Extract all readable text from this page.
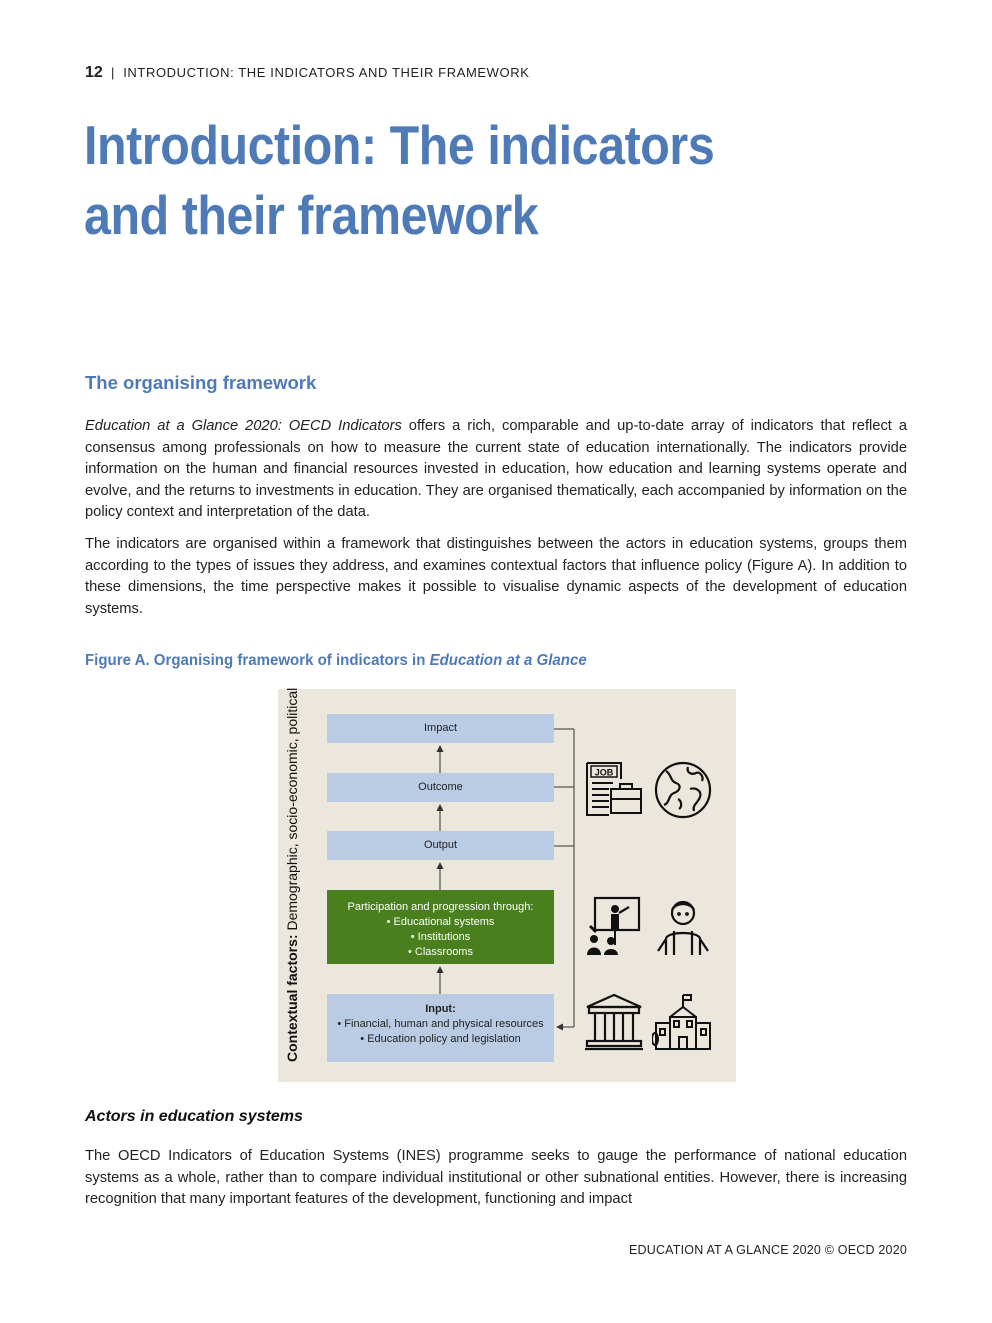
12 | INTRODUCTION: THE INDICATORS AND THEIR FRAMEWORK
Introduction: The indicators and their framework
The organising framework

Education at a Glance 2020: OECD Indicators offers a rich, comparable and up-to-date array of indicators that reflect a consensus among professionals on how to measure the current state of education internationally. The indicators provide information on the human and financial resources invested in education, how education and learning systems operate and evolve, and the returns to investments in education. They are organised thematically, each accompanied by information on the policy context and interpretation of the data.

The indicators are organised within a framework that distinguishes between the actors in education systems, groups them according to the types of issues they address, and examines contextual factors that influence policy (Figure A). In addition to these dimensions, the time perspective makes it possible to visualise dynamic aspects of the development of education systems.

Figure A. Organising framework of indicators in Education at a Glance

Contextual factors: Demographic, socio-economic, political	Impact
Outcome
Output
Participation and progression through:
• Educational systems
• Institutions
• Classrooms
Input:
• Financial, human and physical resources
• Education policy and legislation
JOB
Actors in education systems

The OECD Indicators of Education Systems (INES) programme seeks to gauge the performance of national education systems as a whole, rather than to compare individual institutional or other subnational entities. However, there is increasing recognition that many important features of the development, functioning and impact

EDUCATION AT A GLANCE 2020 © OECD 2020
